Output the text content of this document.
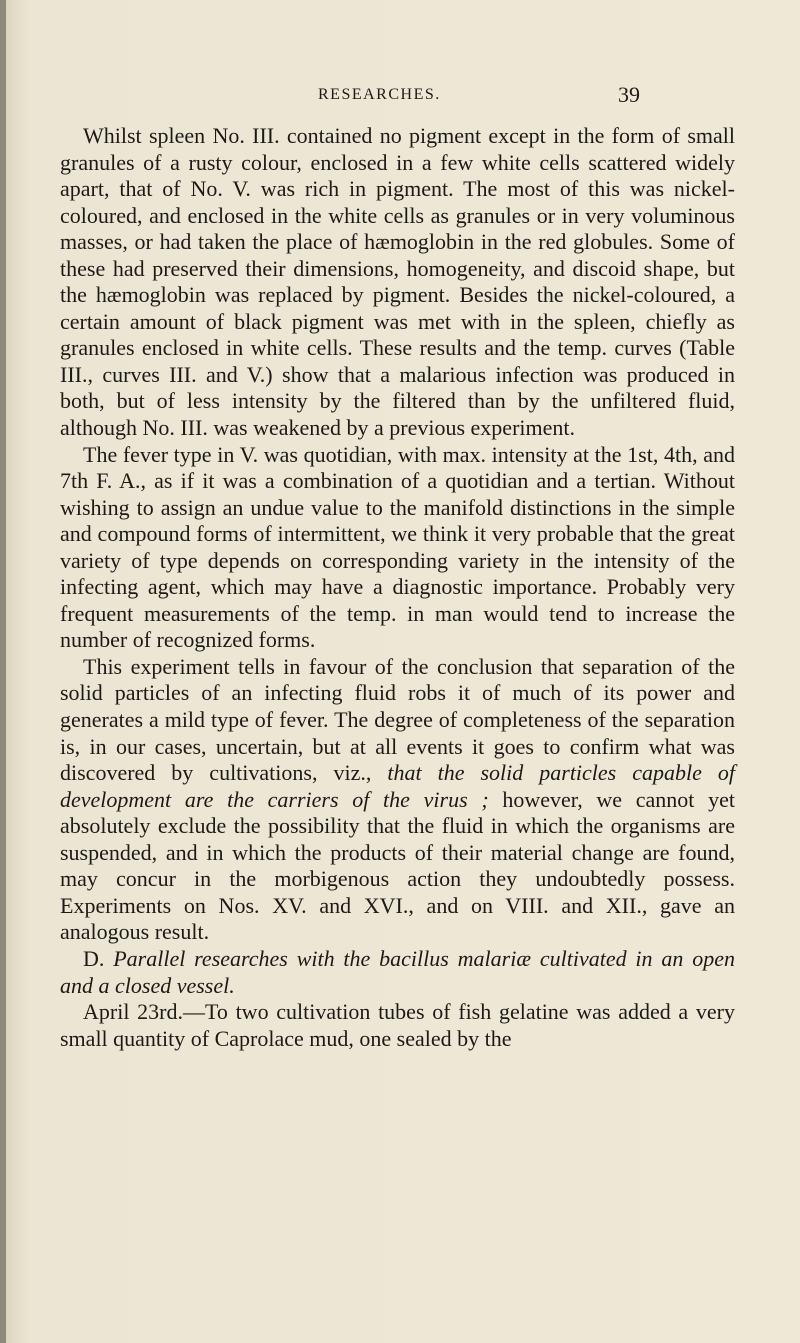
RESEARCHES.	39

Whilst spleen No. III. contained no pigment except in the form of small granules of a rusty colour, enclosed in a few white cells scattered widely apart, that of No. V. was rich in pigment. The most of this was nickel-coloured, and enclosed in the white cells as granules or in very voluminous masses, or had taken the place of hæmoglobin in the red globules. Some of these had preserved their dimensions, homogeneity, and discoid shape, but the hæmoglobin was replaced by pigment. Besides the nickel-coloured, a certain amount of black pigment was met with in the spleen, chiefly as granules enclosed in white cells. These results and the temp. curves (Table III., curves III. and V.) show that a malarious infection was produced in both, but of less intensity by the filtered than by the unfiltered fluid, although No. III. was weakened by a previous experiment.

The fever type in V. was quotidian, with max. intensity at the 1st, 4th, and 7th F. A., as if it was a combination of a quotidian and a tertian. Without wishing to assign an undue value to the manifold distinctions in the simple and compound forms of intermittent, we think it very probable that the great variety of type depends on corresponding variety in the intensity of the infecting agent, which may have a diagnostic importance. Probably very frequent measurements of the temp. in man would tend to increase the number of recognized forms.

This experiment tells in favour of the conclusion that separation of the solid particles of an infecting fluid robs it of much of its power and generates a mild type of fever. The degree of completeness of the separation is, in our cases, uncertain, but at all events it goes to confirm what was discovered by cultivations, viz., that the solid particles capable of development are the carriers of the virus ; however, we cannot yet absolutely exclude the possibility that the fluid in which the organisms are suspended, and in which the products of their material change are found, may concur in the morbigenous action they undoubtedly possess. Experiments on Nos. XV. and XVI., and on VIII. and XII., gave an analogous result.

D. Parallel researches with the bacillus malariæ cultivated in an open and a closed vessel.

April 23rd.—To two cultivation tubes of fish gelatine was added a very small quantity of Caprolace mud, one sealed by the
